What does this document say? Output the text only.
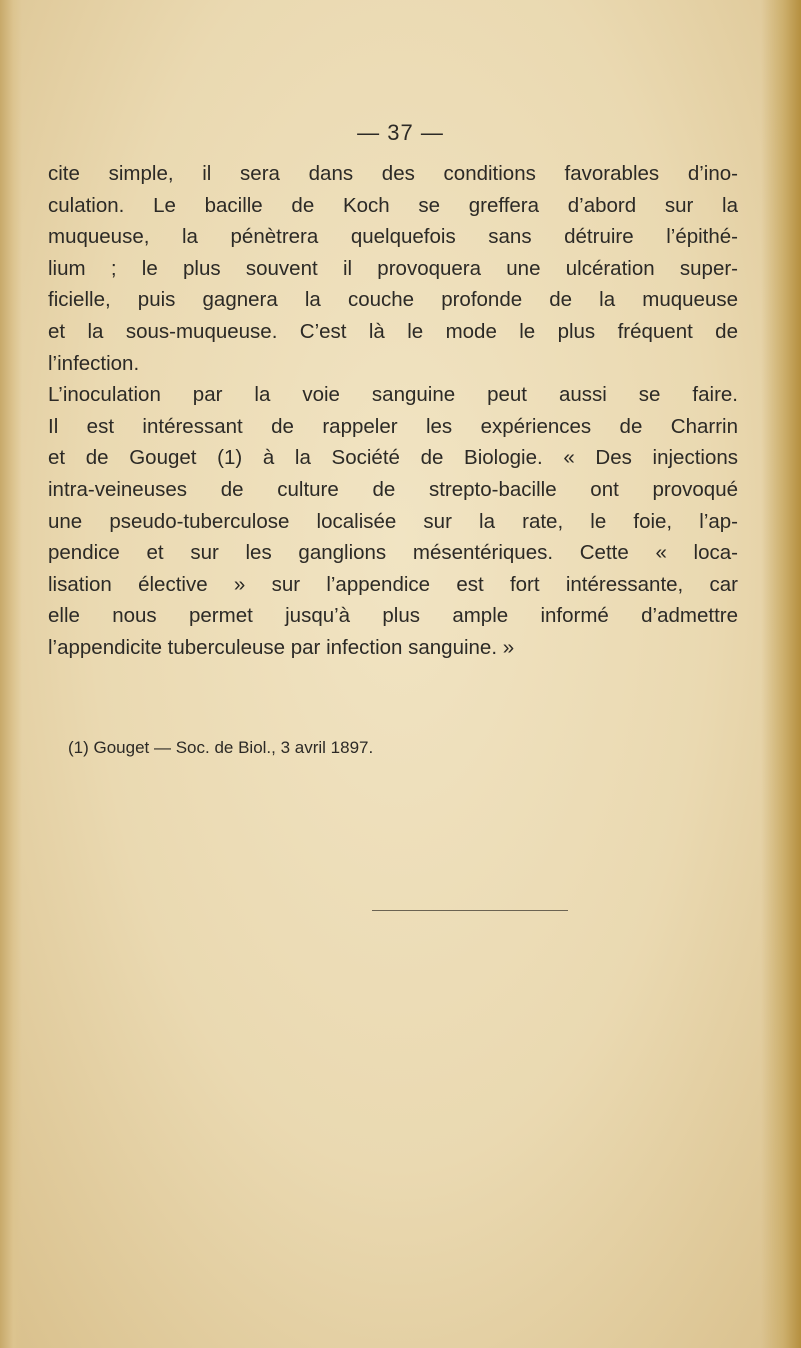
— 37 —
cite simple, il sera dans des conditions favorables d’ino-
culation. Le bacille de Koch se greffera d’abord sur la
muqueuse, la pénètrera quelquefois sans détruire l’épithé-
lium ; le plus souvent il provoquera une ulcération super-
ficielle, puis gagnera la couche profonde de la muqueuse
et la sous-muqueuse. C’est là le mode le plus fréquent de
l’infection.
L’inoculation par la voie sanguine peut aussi se faire.
Il est intéressant de rappeler les expériences de Charrin
et de Gouget (1) à la Société de Biologie. « Des injections
intra-veineuses de culture de strepto-bacille ont provoqué
une pseudo-tuberculose localisée sur la rate, le foie, l’ap-
pendice et sur les ganglions mésentériques. Cette « loca-
lisation élective » sur l’appendice est fort intéressante, car
elle nous permet jusqu’à plus ample informé d’admettre
l’appendicite tuberculeuse par infection sanguine. »
(1) Gouget — Soc. de Biol., 3 avril 1897.
